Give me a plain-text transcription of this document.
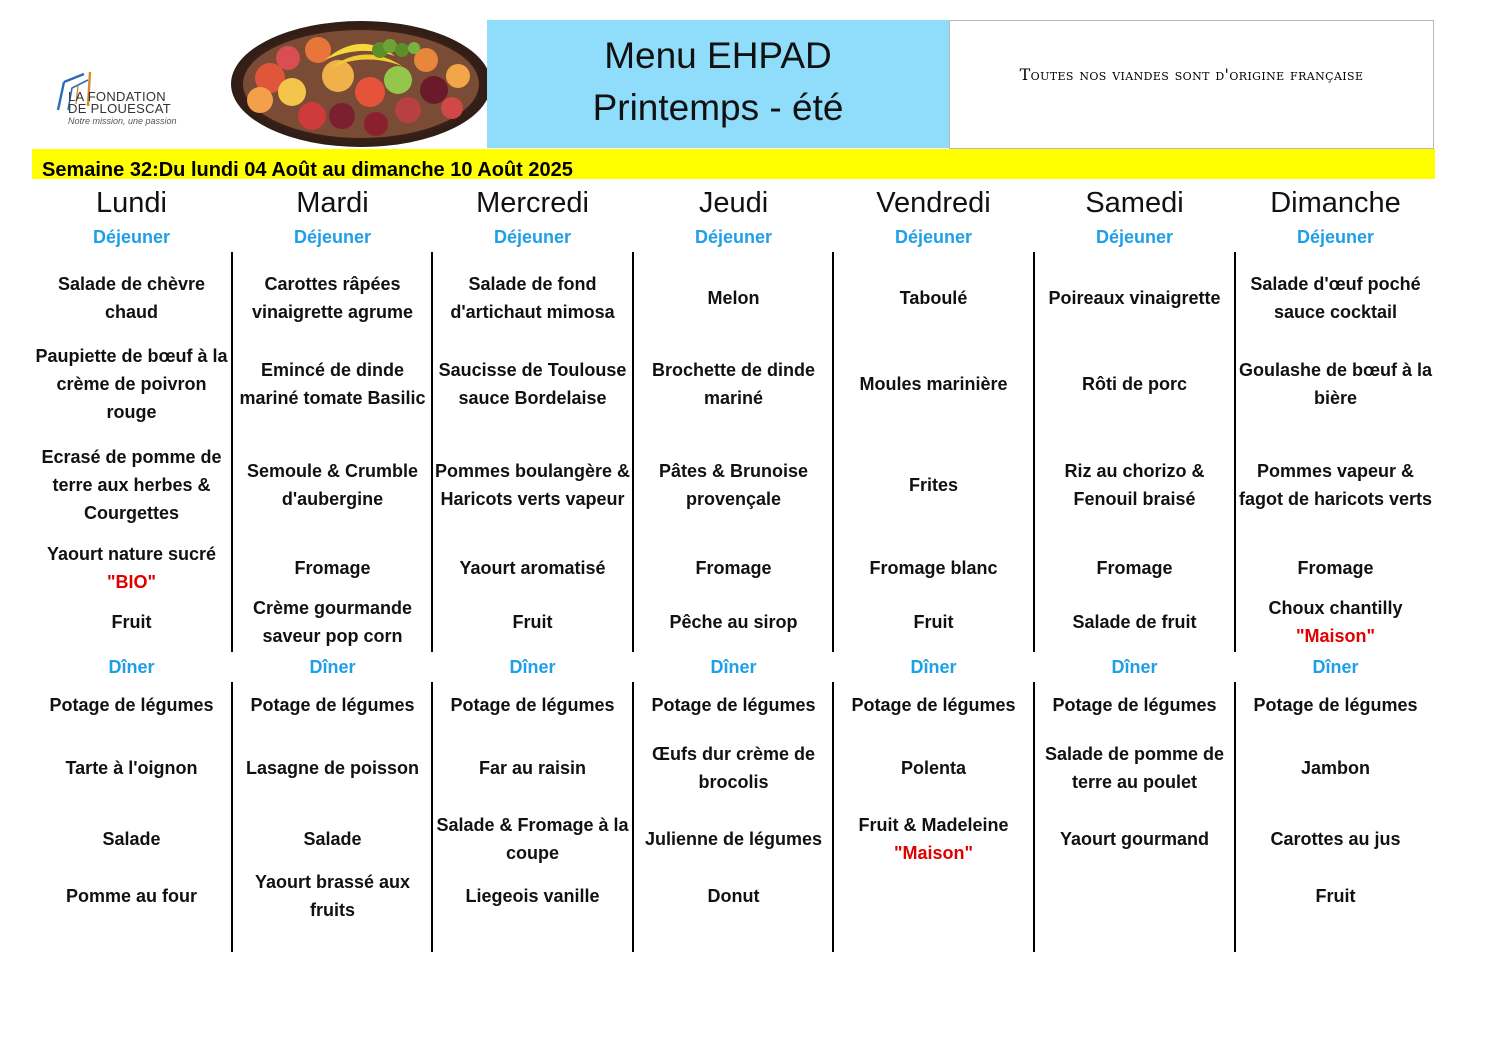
LA FONDATION
DE PLOUESCAT
Notre mission, une passion
Menu EHPAD
Printemps - été
Toutes nos viandes sont d'origine française
Semaine 32:Du lundi 04 Août au dimanche 10 Août 2025
Lundi
Déjeuner
Salade de chèvre chaud
Paupiette de bœuf à la crème de poivron rouge
Ecrasé de pomme de terre aux herbes & Courgettes
Yaourt nature sucré
"BIO"
Fruit
Dîner
Potage de légumes
Tarte à l'oignon
Salade
Pomme au four
Mardi
Déjeuner
Carottes râpées vinaigrette agrume
Emincé de dinde mariné tomate Basilic
Semoule & Crumble d'aubergine
Fromage
Crème gourmande saveur pop corn
Dîner
Potage de légumes
Lasagne de poisson
Salade
Yaourt brassé aux fruits
Mercredi
Déjeuner
Salade de fond d'artichaut mimosa
Saucisse de Toulouse sauce Bordelaise
Pommes boulangère & Haricots verts vapeur
Yaourt aromatisé
Fruit
Dîner
Potage de légumes
Far au raisin
Salade & Fromage à la coupe
Liegeois vanille
Jeudi
Déjeuner
Melon
Brochette de dinde mariné
Pâtes & Brunoise provençale
Fromage
Pêche au sirop
Dîner
Potage de légumes
Œufs dur crème de brocolis
Julienne de légumes
Donut
Vendredi
Déjeuner
Taboulé
Moules marinière
Frites
Fromage blanc
Fruit
Dîner
Potage de légumes
Polenta
Fruit & Madeleine
"Maison"
Samedi
Déjeuner
Poireaux vinaigrette
Rôti de porc
Riz au chorizo & Fenouil braisé
Fromage
Salade de fruit
Dîner
Potage de légumes
Salade de pomme de terre au poulet
Yaourt gourmand
Dimanche
Déjeuner
Salade d'œuf poché sauce cocktail
Goulashe de bœuf à la bière
Pommes vapeur & fagot de haricots verts
Fromage
Choux chantilly
"Maison"
Dîner
Potage de légumes
Jambon
Carottes au jus
Fruit
